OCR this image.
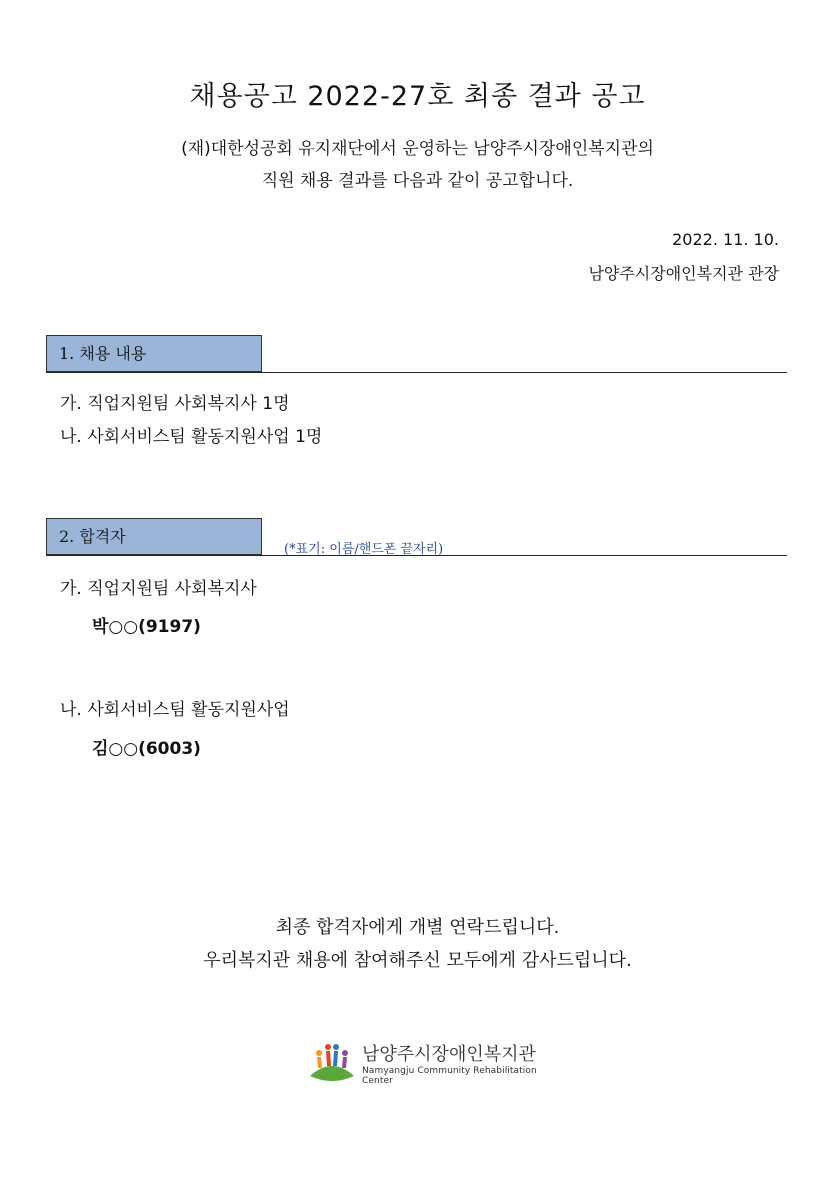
채용공고 2022-27호 최종 결과 공고
(재)대한성공회 유지재단에서 운영하는 남양주시장애인복지관의
직원 채용 결과를 다음과 같이 공고합니다.
2022. 11. 10.
남양주시장애인복지관 관장
1. 채용 내용
가. 직업지원팀 사회복지사 1명
나. 사회서비스팀 활동지원사업 1명
2. 합격자
(*표기: 이름/핸드폰 끝자리)
가. 직업지원팀 사회복지사
박○○(9197)
나. 사회서비스팀 활동지원사업
김○○(6003)
최종 합격자에게 개별 연락드립니다.
우리복지관 채용에 참여해주신 모두에게 감사드립니다.
남양주시장애인복지관
Namyangju Community Rehabilitation Center
